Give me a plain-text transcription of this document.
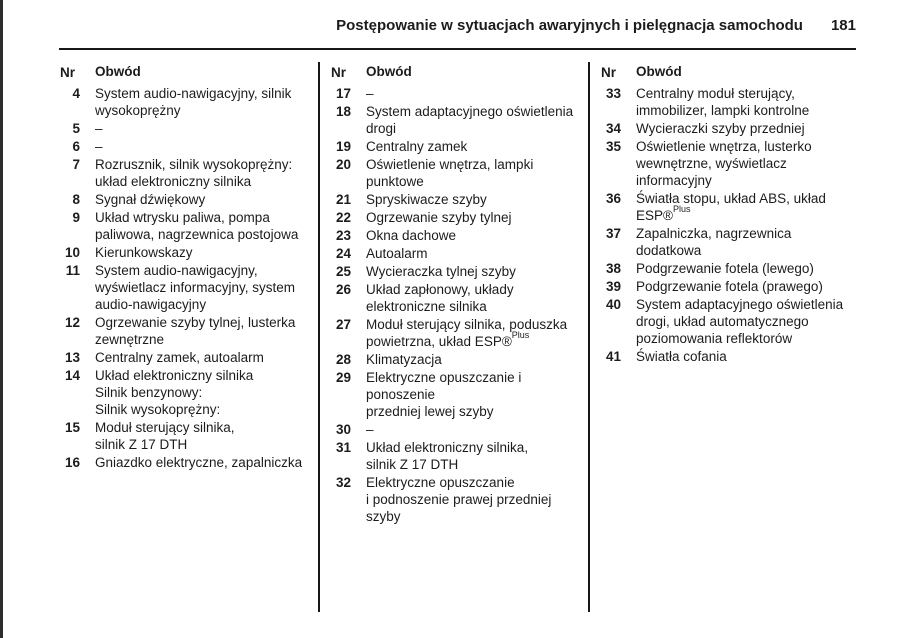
Postępowanie w sytuacjach awaryjnych i pielęgnacja samochodu 181
Nr	Obwód
4 System audio-nawigacyjny, silnik
wysokoprężny
5 –
6 –
7 Rozrusznik, silnik wysokoprężny:
układ elektroniczny silnika
8 Sygnał dźwiękowy
9 Układ wtrysku paliwa, pompa
paliwowa, nagrzewnica postojowa
10 Kierunkowskazy
11 System audio-nawigacyjny,
wyświetlacz informacyjny, system
audio-nawigacyjny
12 Ogrzewanie szyby tylnej, lusterka
zewnętrzne
13 Centralny zamek, autoalarm
14 Układ elektroniczny silnika
Silnik benzynowy:
Silnik wysokoprężny:
15 Moduł sterujący silnika,
silnik Z 17 DTH
16 Gniazdko elektryczne, zapalniczka
Nr	Obwód
17 –
18 System adaptacyjnego oświetlenia
drogi
19 Centralny zamek
20 Oświetlenie wnętrza, lampki
punktowe
21 Spryskiwacze szyby
22 Ogrzewanie szyby tylnej
23 Okna dachowe
24 Autoalarm
25 Wycieraczka tylnej szyby
26 Układ zapłonowy, układy
elektroniczne silnika
27 Moduł sterujący silnika, poduszka
powietrzna, układ ESP®$^{Plus}$
28 Klimatyzacja
29 Elektryczne opuszczanie i ponoszenie
przedniej lewej szyby
30 –
31 Układ elektroniczny silnika,
silnik Z 17 DTH
32 Elektryczne opuszczanie
i podnoszenie prawej przedniej szyby
Nr	Obwód
33 Centralny moduł sterujący,
immobilizer, lampki kontrolne
34 Wycieraczki szyby przedniej
35 Oświetlenie wnętrza, lusterko
wewnętrzne, wyświetlacz
informacyjny
36 Światła stopu, układ ABS, układ
ESP®$^{Plus}$
37 Zapalniczka, nagrzewnica
dodatkowa
38 Podgrzewanie fotela (lewego)
39 Podgrzewanie fotela (prawego)
40 System adaptacyjnego oświetlenia
drogi, układ automatycznego
poziomowania reflektorów
41 Światła cofania
